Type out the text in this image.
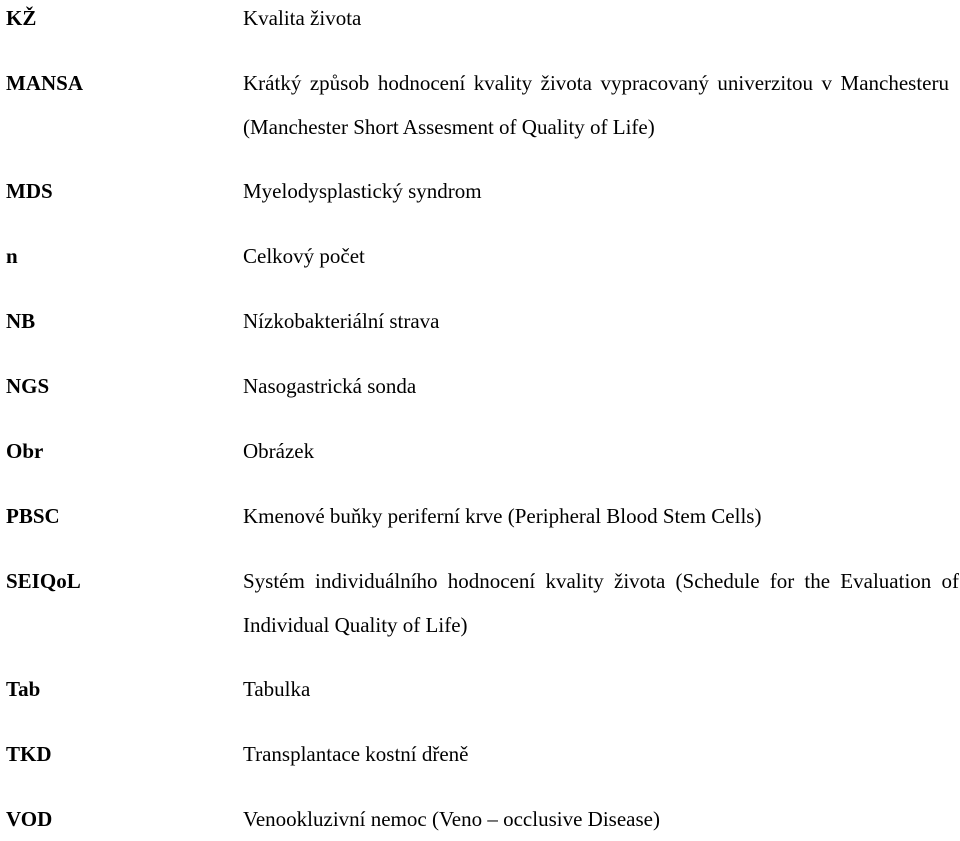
KŽ	Kvalita života
MANSA	Krátký způsob hodnocení kvality života vypracovaný univerzitou v Manchesteru (Manchester Short Assesment of Quality of Life)
MDS	Myelodysplastický syndrom
n	Celkový počet
NB	Nízkobakteriální strava
NGS	Nasogastrická sonda
Obr	Obrázek
PBSC	Kmenové buňky periferní krve (Peripheral Blood Stem Cells)
SEIQoL	Systém individuálního hodnocení kvality života (Schedule for the Evaluation of Individual Quality of Life)
Tab	Tabulka
TKD	Transplantace kostní dřeně
VOD	Venookluzivní nemoc (Veno – occlusive Disease)
